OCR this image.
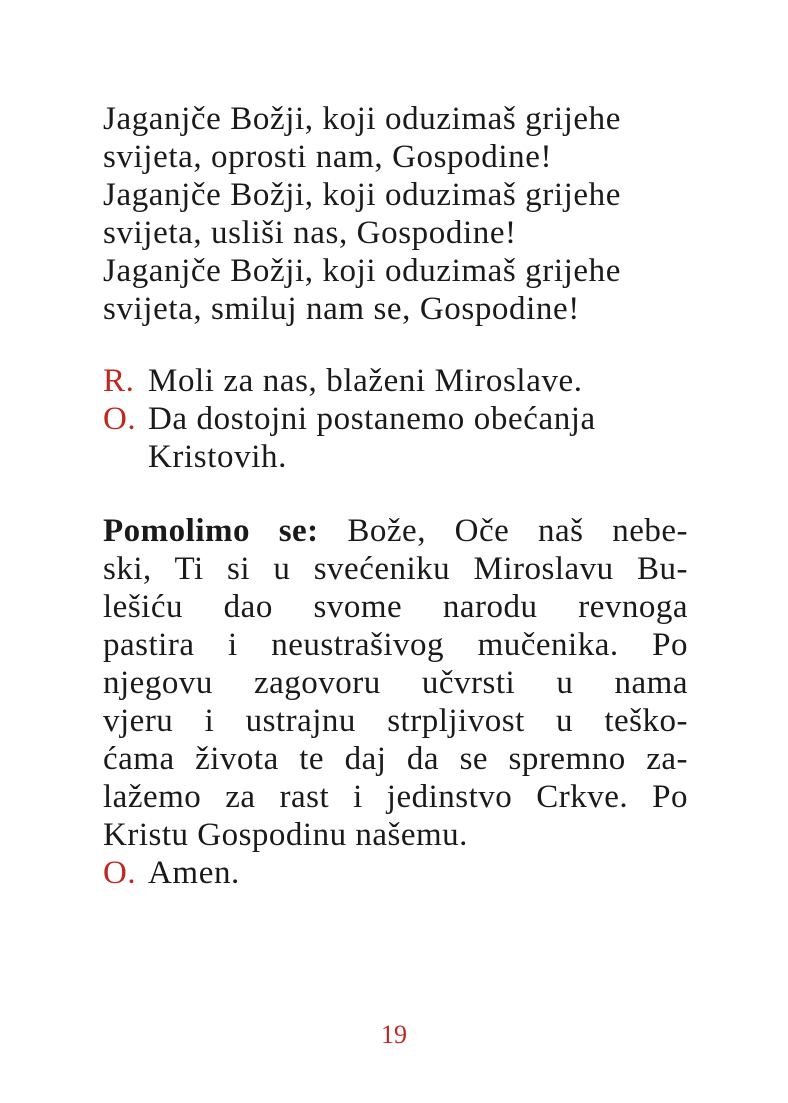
Jaganjče Božji, koji oduzimaš grijehe
svijeta, oprosti nam, Gospodine!
Jaganjče Božji, koji oduzimaš grijehe
svijeta, usliši nas, Gospodine!
Jaganjče Božji, koji oduzimaš grijehe
svijeta, smiluj nam se, Gospodine!
R. Moli za nas, blaženi Miroslave.
O. Da dostojni postanemo obećanja Kristovih.
Pomolimo se: Bože, Oče naš nebe-
ski, Ti si u svećeniku Miroslavu Bu-
lešiću dao svome narodu revnoga
pastira i neustrašivog mučenika. Po
njegovu zagovoru učvrsti u nama
vjeru i ustrajnu strpljivost u teško-
ćama života te daj da se spremno za-
lažemo za rast i jedinstvo Crkve. Po
Kristu Gospodinu našemu.
O. Amen.
19
